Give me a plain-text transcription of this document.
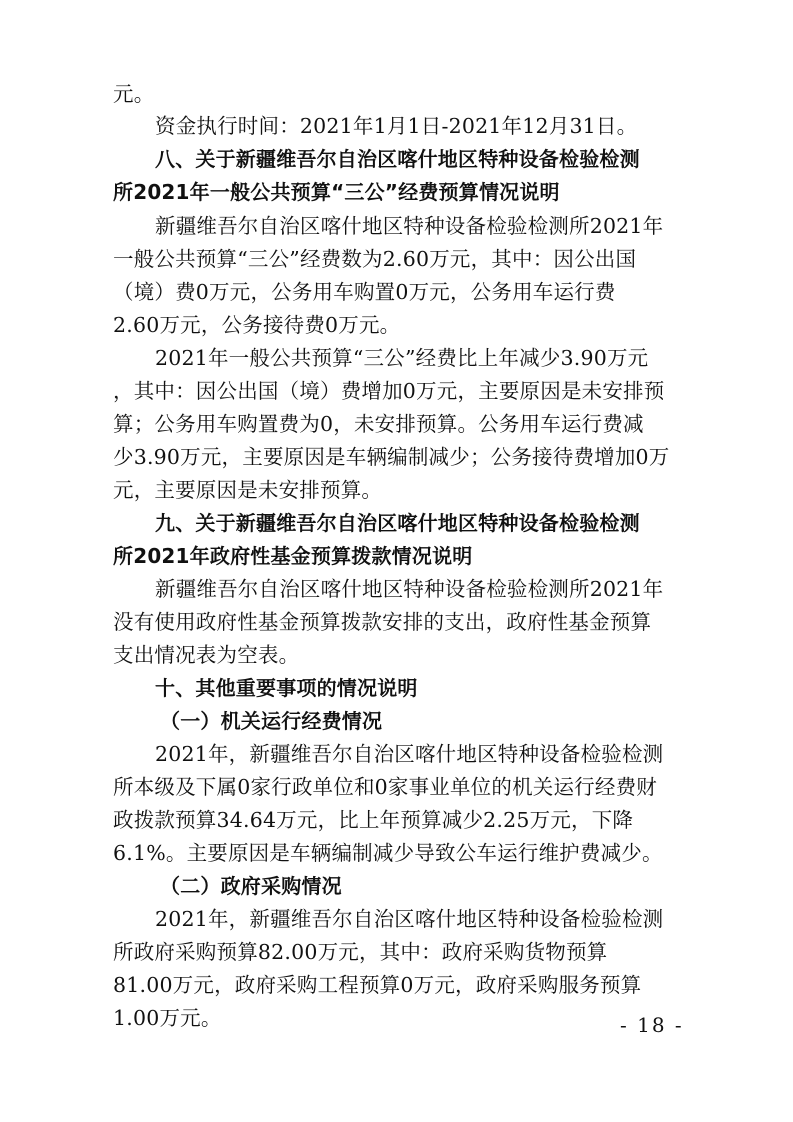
元。
资金执行时间：2021年1月1日-2021年12月31日。
八、关于新疆维吾尔自治区喀什地区特种设备检验检测
所2021年一般公共预算“三公”经费预算情况说明
新疆维吾尔自治区喀什地区特种设备检验检测所2021年
一般公共预算“三公”经费数为2.60万元，其中：因公出国
（境）费0万元，公务用车购置0万元，公务用车运行费
2.60万元，公务接待费0万元。
2021年一般公共预算“三公”经费比上年减少3.90万元
，其中：因公出国（境）费增加0万元，主要原因是未安排预
算；公务用车购置费为0，未安排预算。公务用车运行费减
少3.90万元，主要原因是车辆编制减少；公务接待费增加0万
元，主要原因是未安排预算。
九、关于新疆维吾尔自治区喀什地区特种设备检验检测
所2021年政府性基金预算拨款情况说明
新疆维吾尔自治区喀什地区特种设备检验检测所2021年
没有使用政府性基金预算拨款安排的支出，政府性基金预算
支出情况表为空表。
十、其他重要事项的情况说明
（一）机关运行经费情况
2021年，新疆维吾尔自治区喀什地区特种设备检验检测
所本级及下属0家行政单位和0家事业单位的机关运行经费财
政拨款预算34.64万元，比上年预算减少2.25万元，下降
6.1%。主要原因是车辆编制减少导致公车运行维护费减少。
（二）政府采购情况
2021年，新疆维吾尔自治区喀什地区特种设备检验检测
所政府采购预算82.00万元，其中：政府采购货物预算
81.00万元，政府采购工程预算0万元，政府采购服务预算
1.00万元。	- 18 -
